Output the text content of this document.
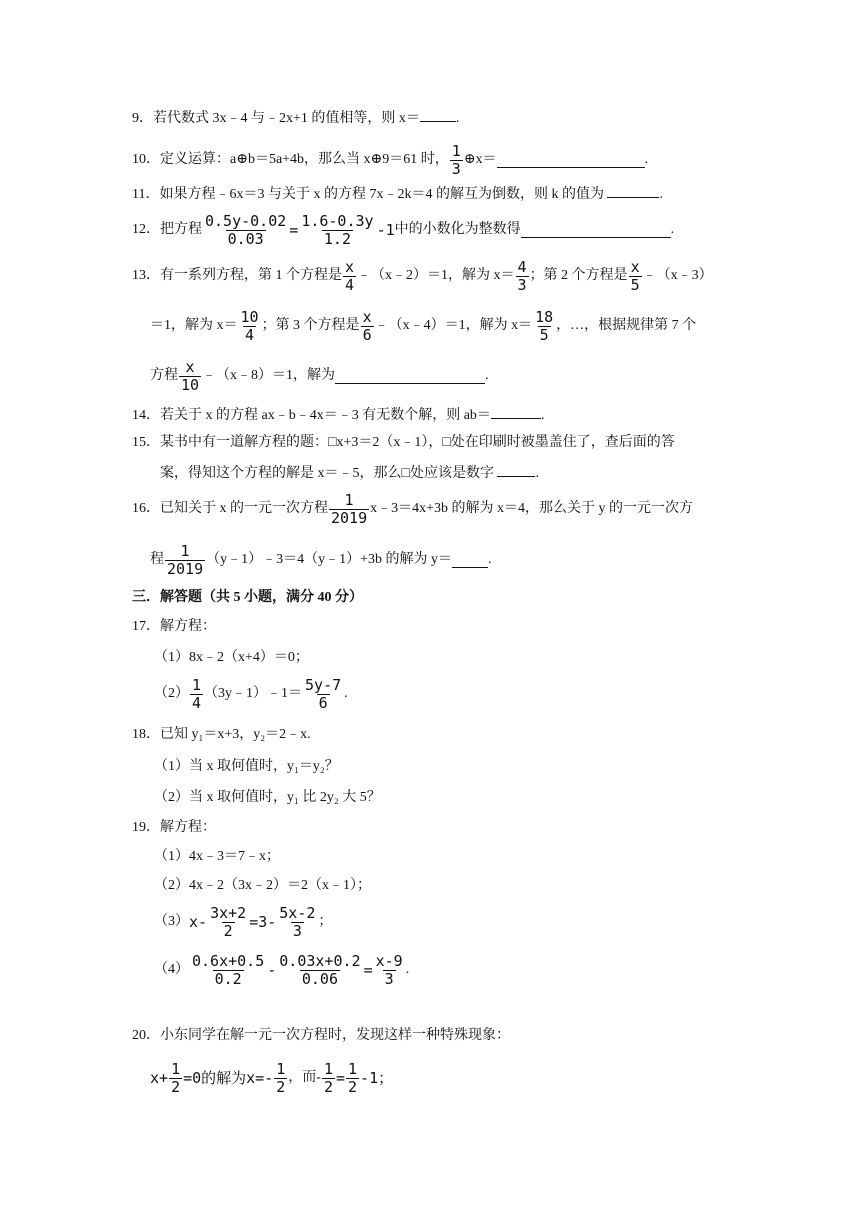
9．若代数式 3x﹣4 与﹣2x+1 的值相等，则 x＝	.
10． 定义运算：a⊕b＝5a+4b，那么当 x⊕9＝61 时， $\frac{1}{3}$ ⊕x＝	.
11．如果方程﹣6x＝3 与关于 x 的方程 7x﹣2k＝4 的解互为倒数，则 k 的值为	.
12． 把方程 $\frac{0.5y-0.02}{0.03} = \frac{1.6-0.3y}{1.2} -1$ 中的小数化为整数得	.
13． 有一系列方程，第 1 个方程是 $\frac{x}{4}$ ﹣（x﹣2）＝1，解为 $x= \frac{4}{3}$ ；第 2 个方程是 $\frac{x}{5}$ ﹣（x﹣3）
＝1，解为 $x= \frac{10}{4}$ ；第 3 个方程是 $\frac{x}{6}$ ﹣（x﹣4）＝1，解为 $x= \frac{18}{5}$ ，…，根据规律第 7 个
方程 $\frac{x}{10}$ ﹣（x﹣8）＝1，解为	.
14．若关于 x 的方程 ax﹣b﹣4x＝﹣3 有无数个解，则 ab＝	.
15．某书中有一道解方程的题：□x+3＝2（x﹣1），□处在印刷时被墨盖住了，查后面的答
案，得知这个方程的解是 x＝﹣5，那么□处应该是数字	.
16． 已知关于 x 的一元一次方程 $\frac{1}{2019}$ x﹣3＝4x+3b 的解为 x＝4，那么关于 y 的一元一次方
程 $\frac{1}{2019}$ （y﹣1）﹣3＝4（y﹣1）+3b 的解为 y＝	.
三．解答题（共 5 小题，满分 40 分）
17．解方程：
（1）8x﹣2（x+4）＝0；
$(2) \frac{1}{4}$ （3y﹣1）﹣1＝ $\frac{5y-7}{6}$ .
18．已知 y₁＝x+3，y₂＝2﹣x.
（1）当 x 取何值时，y₁＝y₂？
（2）当 x 取何值时，y₁ 比 2y₂ 大 5？
19．解方程：
（1）4x﹣3＝7﹣x；
（2）4x﹣2（3x﹣2）＝2（x﹣1）；
（3） $x- \frac{3x+2}{2} =3- \frac{5x-2}{3}$ ；
$(4) \frac{0.6x+0.5}{0.2} - \frac{0.03x+0.2}{0.06} = \frac{x-9}{3}$ .
20．小东同学在解一元一次方程时，发现这样一种特殊现象：
$x+ \frac{1}{2} =0$的解为 $x=- \frac{1}{2}$ ，而- $\frac{1}{2} = \frac{1}{2} -1$；
